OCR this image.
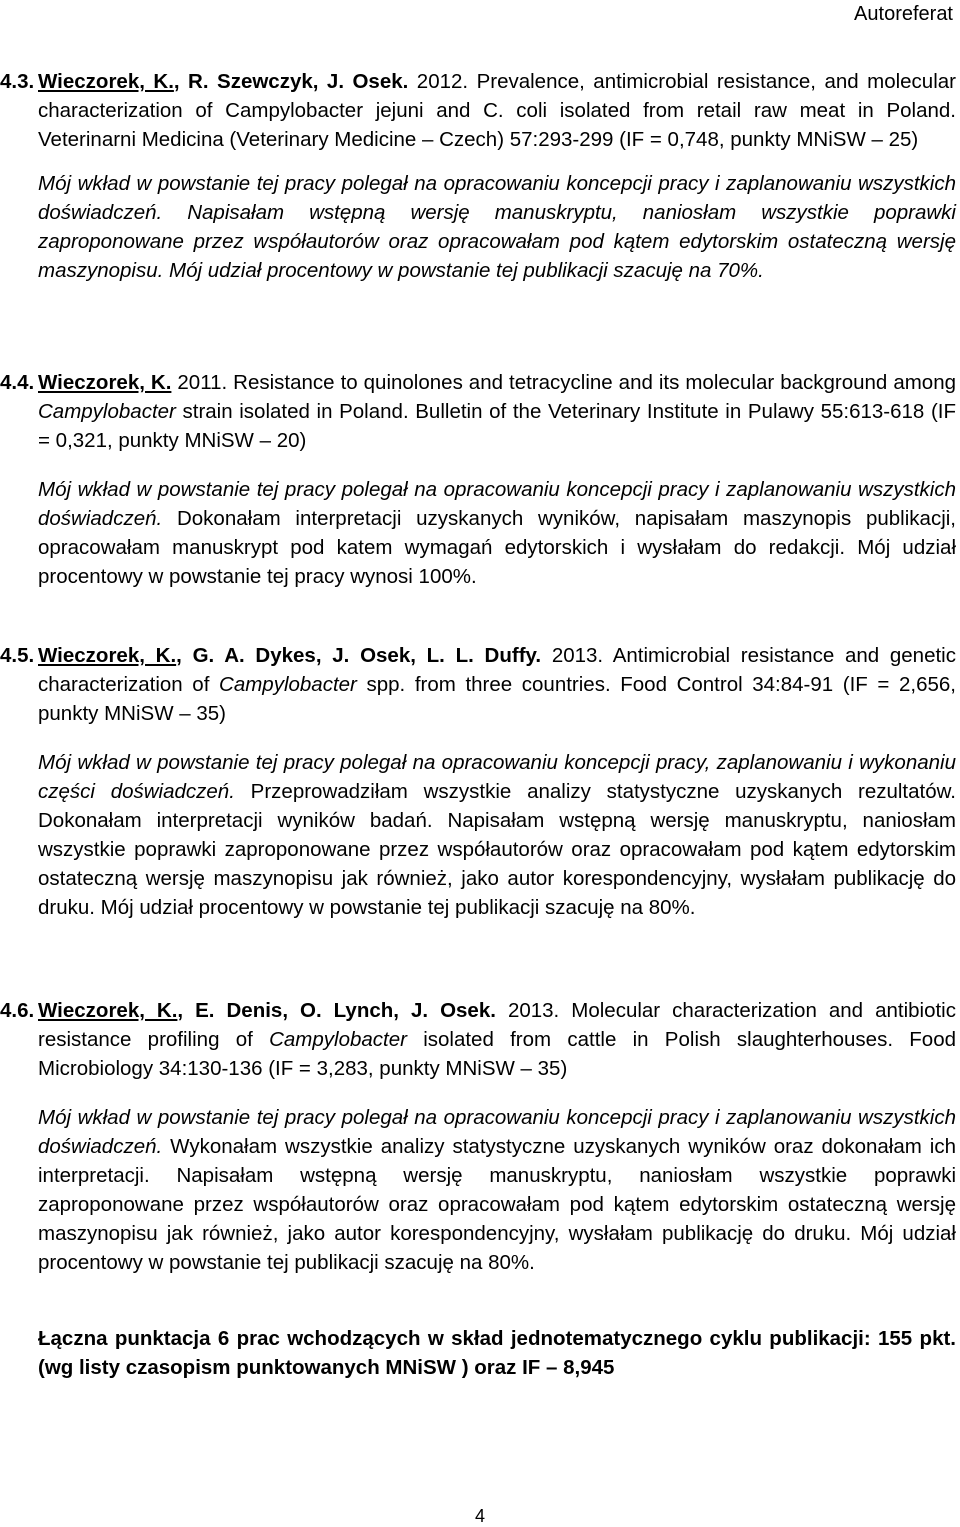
Autoreferat

4.3. Wieczorek, K., R. Szewczyk, J. Osek. 2012. Prevalence, antimicrobial resistance, and molecular characterization of Campylobacter jejuni and C. coli isolated from retail raw meat in Poland. Veterinarni Medicina (Veterinary Medicine – Czech) 57:293-299 (IF = 0,748, punkty MNiSW – 25)

Mój wkład w powstanie tej pracy polegał na opracowaniu koncepcji pracy i zaplanowaniu wszystkich doświadczeń. Napisałam wstępną wersję manuskryptu, naniosłam wszystkie poprawki zaproponowane przez współautorów oraz opracowałam pod kątem edytorskim ostateczną wersję maszynopisu. Mój udział procentowy w powstanie tej publikacji szacuję na 70%.

4.4. Wieczorek, K. 2011. Resistance to quinolones and tetracycline and its molecular background among Campylobacter strain isolated in Poland. Bulletin of the Veterinary Institute in Pulawy 55:613-618 (IF = 0,321, punkty MNiSW – 20)

Mój wkład w powstanie tej pracy polegał na opracowaniu koncepcji pracy i zaplanowaniu wszystkich doświadczeń. Dokonałam interpretacji uzyskanych wyników, napisałam maszynopis publikacji, opracowałam manuskrypt pod katem wymagań edytorskich i wysłałam do redakcji. Mój udział procentowy w powstanie tej pracy wynosi 100%.

4.5. Wieczorek, K., G. A. Dykes, J. Osek, L. L. Duffy. 2013. Antimicrobial resistance and genetic characterization of Campylobacter spp. from three countries. Food Control 34:84-91 (IF = 2,656, punkty MNiSW – 35)

Mój wkład w powstanie tej pracy polegał na opracowaniu koncepcji pracy, zaplanowaniu i wykonaniu części doświadczeń. Przeprowadziłam wszystkie analizy statystyczne uzyskanych rezultatów. Dokonałam interpretacji wyników badań. Napisałam wstępną wersję manuskryptu, naniosłam wszystkie poprawki zaproponowane przez współautorów oraz opracowałam pod kątem edytorskim ostateczną wersję maszynopisu jak również, jako autor korespondencyjny, wysłałam publikację do druku. Mój udział procentowy w powstanie tej publikacji szacuję na 80%.

4.6. Wieczorek, K., E. Denis, O. Lynch, J. Osek. 2013. Molecular characterization and antibiotic resistance profiling of Campylobacter isolated from cattle in Polish slaughterhouses. Food Microbiology 34:130-136 (IF = 3,283, punkty MNiSW – 35)

Mój wkład w powstanie tej pracy polegał na opracowaniu koncepcji pracy i zaplanowaniu wszystkich doświadczeń. Wykonałam wszystkie analizy statystyczne uzyskanych wyników oraz dokonałam ich interpretacji. Napisałam wstępną wersję manuskryptu, naniosłam wszystkie poprawki zaproponowane przez współautorów oraz opracowałam pod kątem edytorskim ostateczną wersję maszynopisu jak również, jako autor korespondencyjny, wysłałam publikację do druku. Mój udział procentowy w powstanie tej publikacji szacuję na 80%.

Łączna punktacja 6 prac wchodzących w skład jednotematycznego cyklu publikacji: 155 pkt. (wg listy czasopism punktowanych MNiSW ) oraz IF – 8,945

4
